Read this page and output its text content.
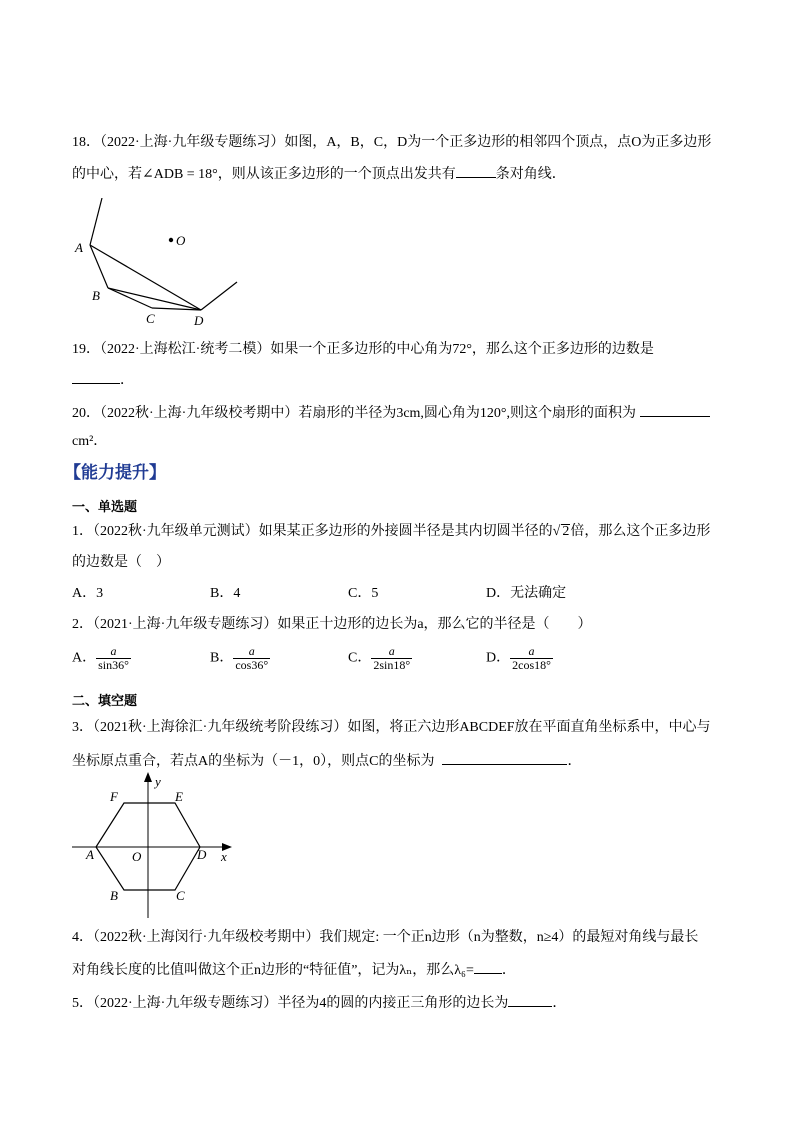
18．（2022·上海·九年级专题练习）如图，A，B，C，D为一个正多边形的相邻四个顶点，点O为正多边形
的中心，若∠ADB = 18°，则从该正多边形的一个顶点出发共有	条对角线．
A
B
C	D
O
19．（2022·上海松江·统考二模）如果一个正多边形的中心角为72°，那么这个正多边形的边数是
．
20．（2022秋·上海·九年级校考期中）若扇形的半径为3cm,圆心角为120°,则这个扇形的面积为
cm²．
【能力提升】
一、单选题
1．（2022秋·九年级单元测试）如果某正多边形的外接圆半径是其内切圆半径的√ 2倍，那么这个正多边形
的边数是（　）
A．3	B．4	C．5	D．无法确定
2．（2021·上海·九年级专题练习）如果正十边形的边长为a，那么它的半径是（　　）
A． $\frac{a}{\sin 36^\circ}$	B． $\frac{a}{\cos 36^\circ}$	C． $\frac{a}{2\sin 18^\circ}$	D． $\frac{a}{2\cos 18^\circ}$
二、填空题
3．（2021秋·上海徐汇·九年级统考阶段练习）如图，将正六边形ABCDEF放在平面直角坐标系中，中心与
坐标原点重合，若点A的坐标为（－1，0），则点C的坐标为	．
y
F	E
A	O	D x
B	C
4．（2022秋·上海闵行·九年级校考期中）我们规定: 一个正n边形（n为整数，n≥4）的最短对角线与最长
对角线长度的比值叫做这个正n边形的“特征值”，记为λₙ，那么λ₆= ．
5．（2022·上海·九年级专题练习）半径为4的圆的内接正三角形的边长为	．
